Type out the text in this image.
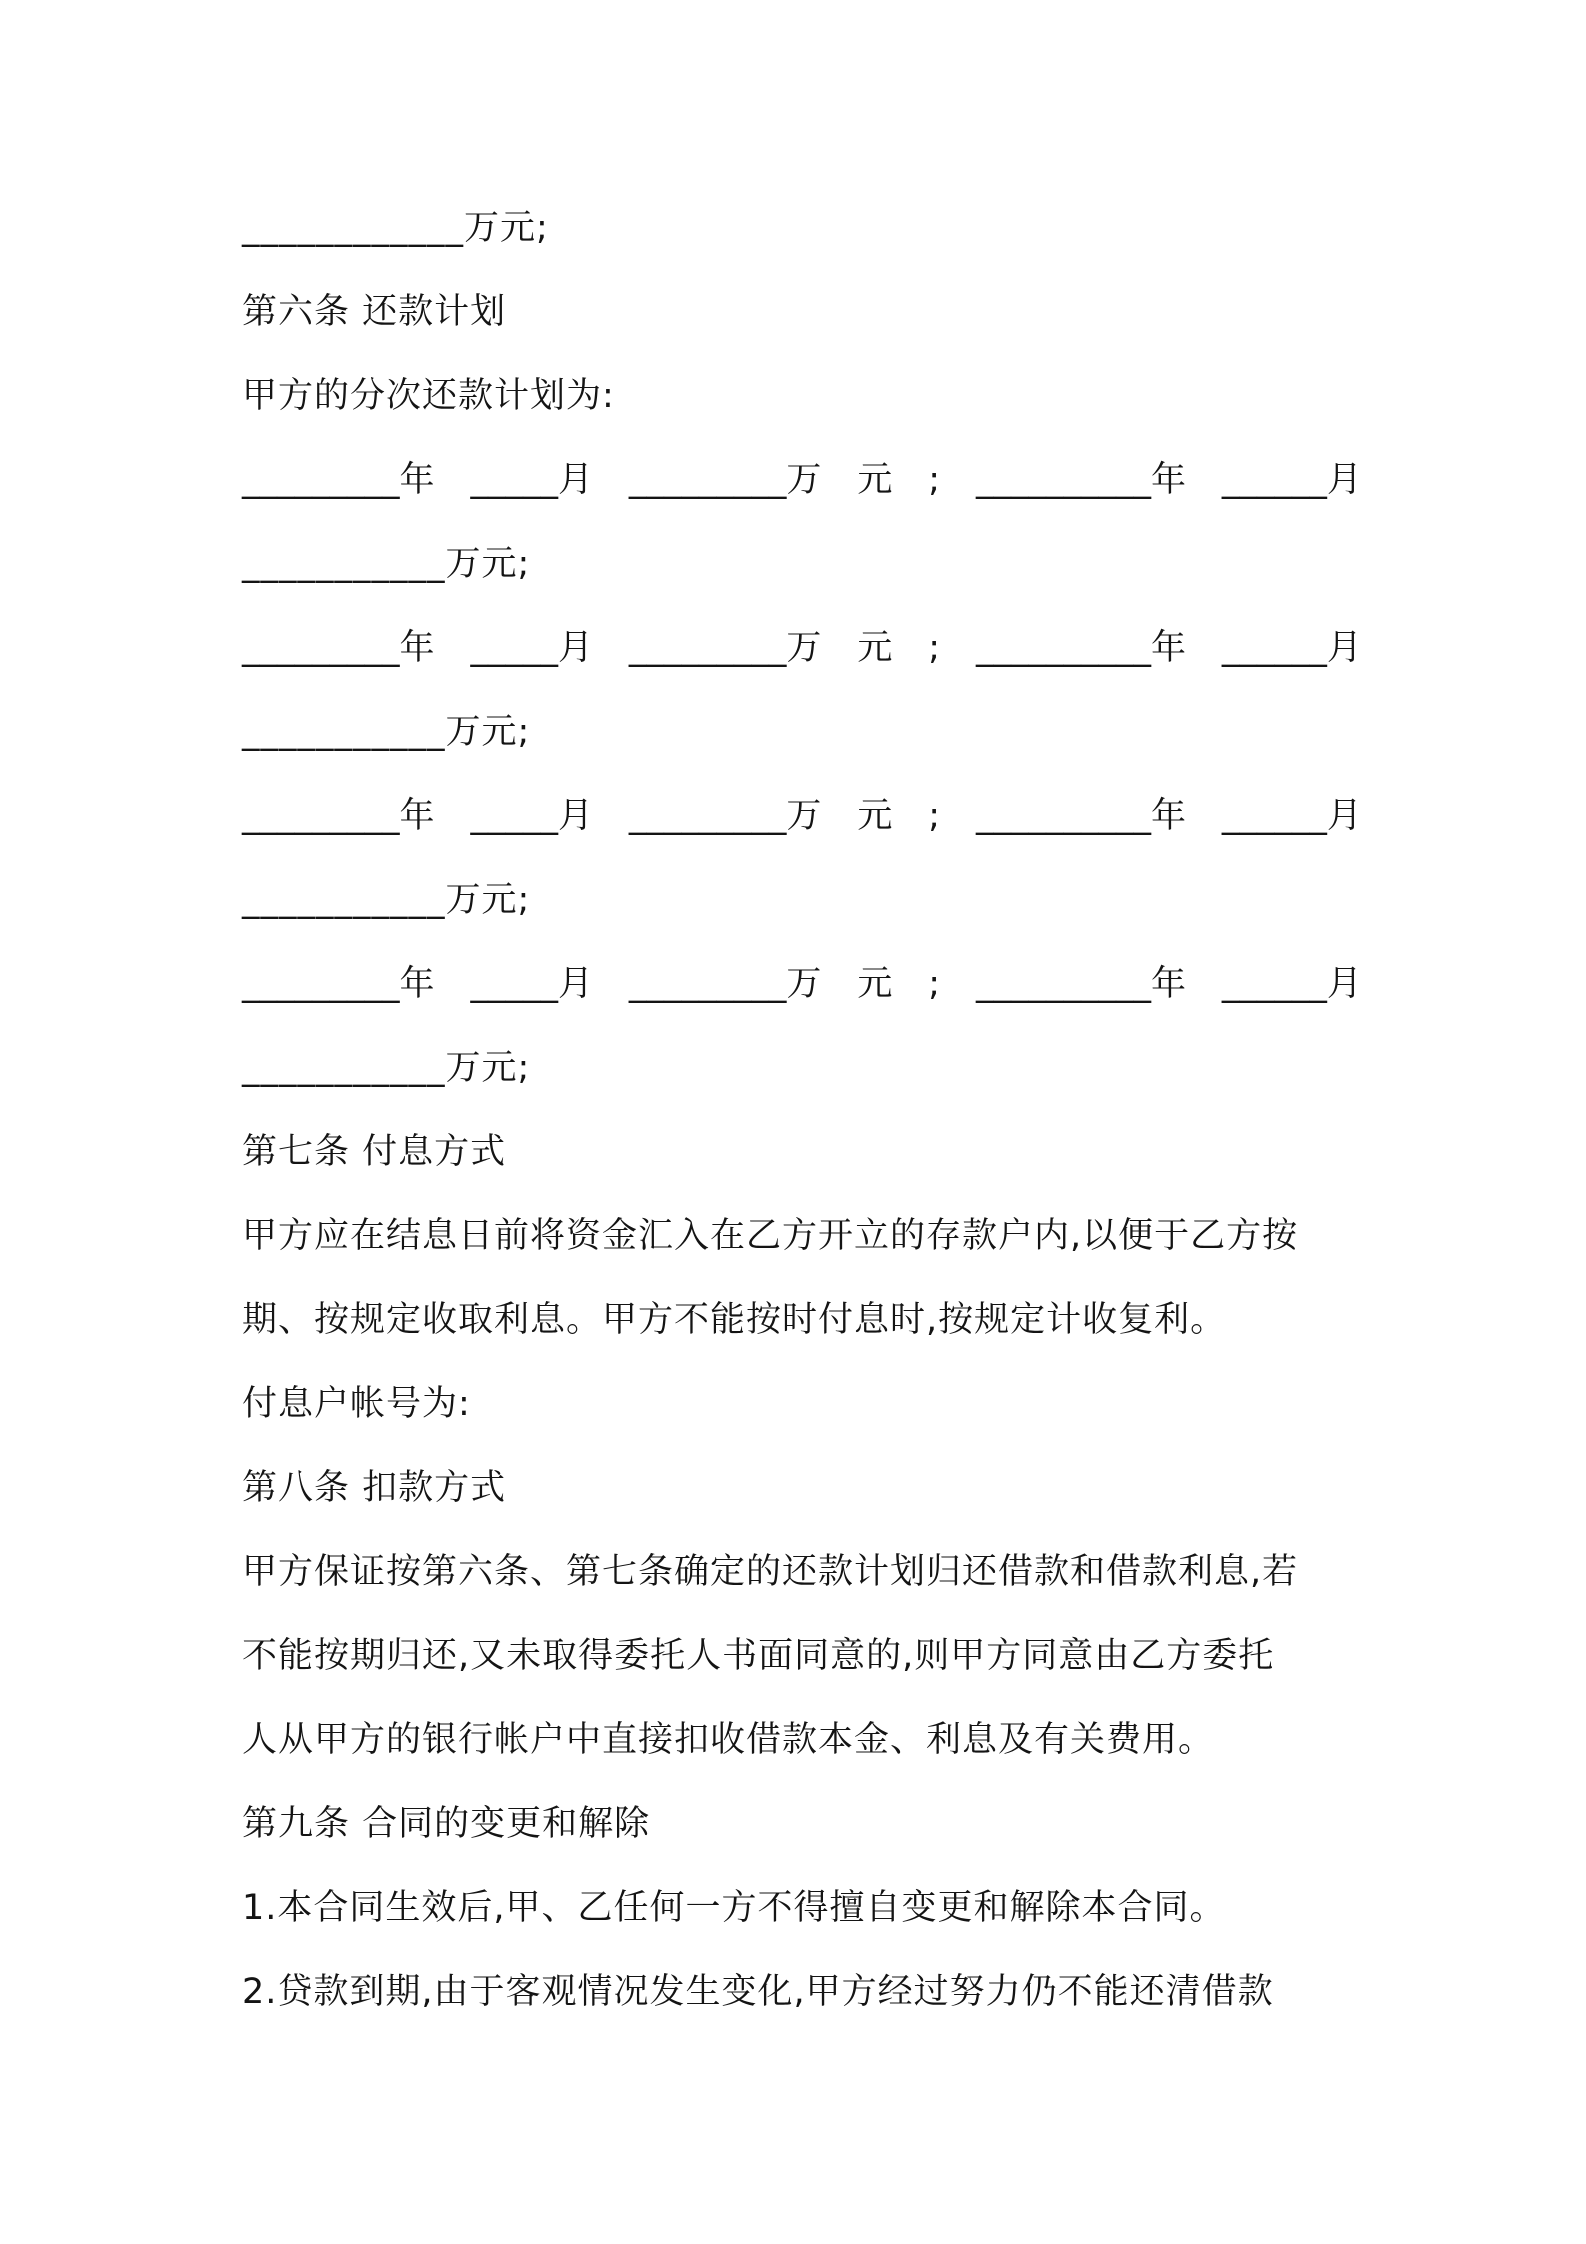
____________万元;
第六条 还款计划
甲方的分次还款计划为:
_________年 _____月 _________万 元 ; __________年 ______月
___________万元;
_________年 _____月 _________万 元 ; __________年 ______月
___________万元;
_________年 _____月 _________万 元 ; __________年 ______月
___________万元;
_________年 _____月 _________万 元 ; __________年 ______月
___________万元;
第七条 付息方式
甲方应在结息日前将资金汇入在乙方开立的存款户内,以便于乙方按
期、按规定收取利息。甲方不能按时付息时,按规定计收复利。
付息户帐号为:
第八条 扣款方式
甲方保证按第六条、第七条确定的还款计划归还借款和借款利息,若
不能按期归还,又未取得委托人书面同意的,则甲方同意由乙方委托
人从甲方的银行帐户中直接扣收借款本金、利息及有关费用。
第九条 合同的变更和解除
1.本合同生效后,甲、乙任何一方不得擅自变更和解除本合同。
2.贷款到期,由于客观情况发生变化,甲方经过努力仍不能还清借款
